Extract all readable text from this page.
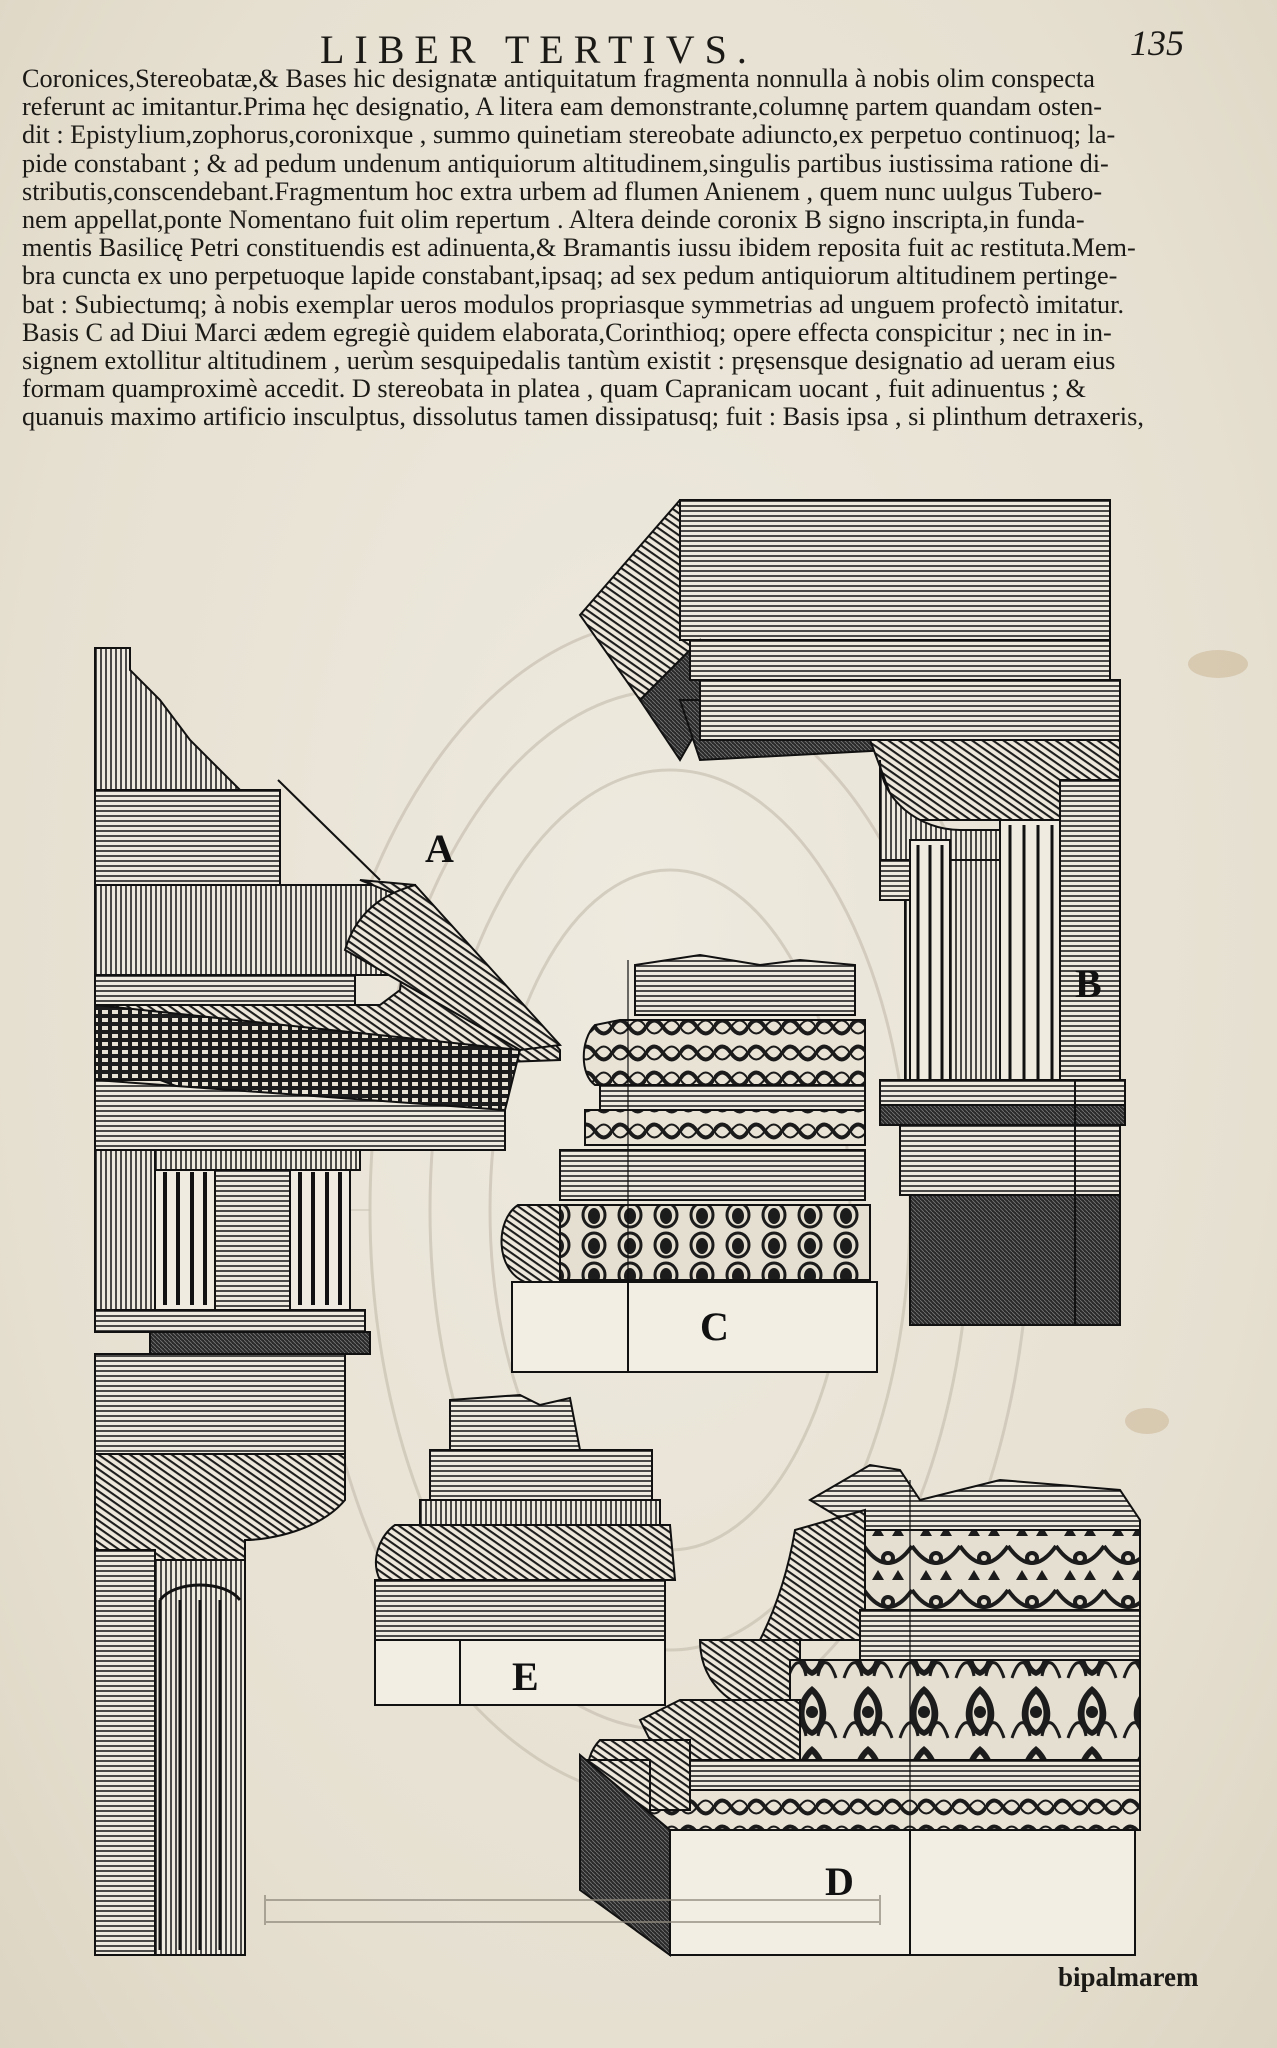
LIBER TERTIVS.	135
Coronices,Stereobatæ,& Bases hic designatæ antiquitatum fragmenta nonnulla à nobis olim conspecta
referunt ac imitantur.Prima hęc designatio, A litera eam demonstrante,columnę partem quandam osten-
dit : Epistylium,zophorus,coronixque , summo quinetiam stereobate adiuncto,ex perpetuo continuoq; la-
pide constabant ; & ad pedum undenum antiquiorum altitudinem,singulis partibus iustissima ratione di-
stributis,conscendebant.Fragmentum hoc extra urbem ad flumen Anienem , quem nunc uulgus Tubero-
nem appellat,ponte Nomentano fuit olim repertum . Altera deinde coronix B signo inscripta,in funda-
mentis Basilicę Petri constituendis est adinuenta,& Bramantis iussu ibidem reposita fuit ac restituta.Mem-
bra cuncta ex uno perpetuoque lapide constabant,ipsaq; ad sex pedum antiquiorum altitudinem pertinge-
bat : Subiectumq; à nobis exemplar ueros modulos propriasque symmetrias ad unguem profectò imitatur.
Basis C ad Diui Marci ædem egregiè quidem elaborata,Corinthioq; opere effecta conspicitur ; nec in in-
signem extollitur altitudinem , uerùm sesquipedalis tantùm existit : pręsensque designatio ad ueram eius
formam quamproximè accedit. D stereobata in platea , quam Capranicam uocant , fuit adinuentus ; &
quanuis maximo artificio insculptus, dissolutus tamen dissipatusq; fuit : Basis ipsa , si plinthum detraxeris,
A
B
C
E
D
bipalmarem
